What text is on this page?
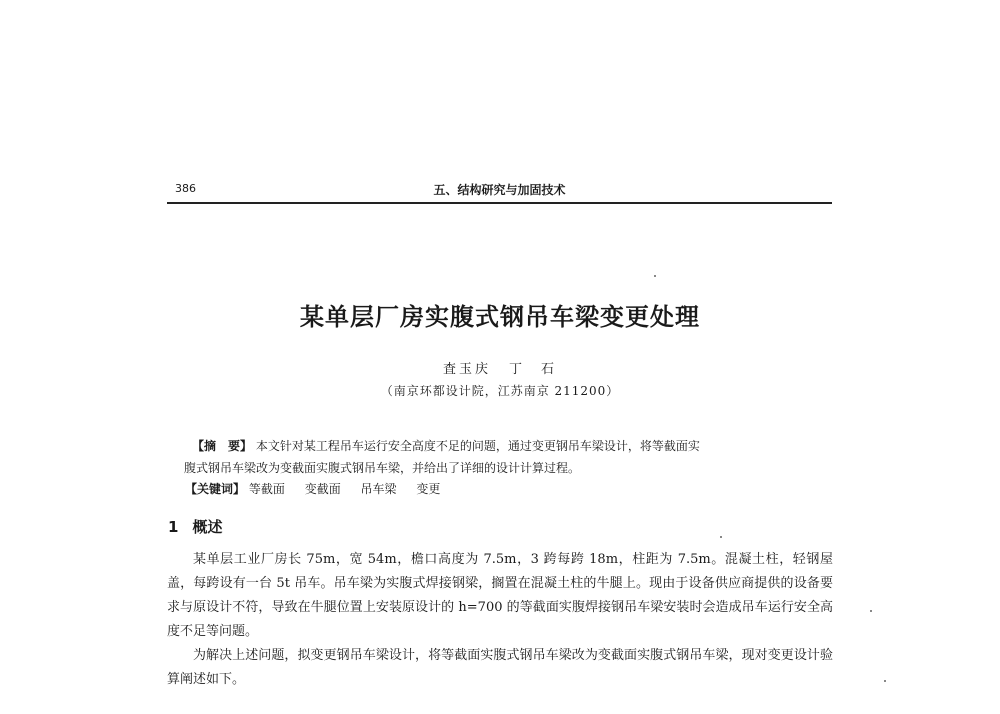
386	五、结构研究与加固技术
某单层厂房实腹式钢吊车梁变更处理
査玉庆 丁　石
（南京环都设计院，江苏南京 211200）

【摘　要】 本文针对某工程吊车运行安全高度不足的问题，通过变更钢吊车梁设计，将等截面实

腹式钢吊车梁改为变截面实腹式钢吊车梁，并给出了详细的设计计算过程。

【关键词】 等截面 变截面 吊车梁 变更
1 概述

某单层工业厂房长 75m，宽 54m，檐口高度为 7.5m，3 跨每跨 18m，柱距为 7.5m。混凝土柱，轻钢屋盖，每跨设有一台 5t 吊车。吊车梁为实腹式焊接钢梁，搁置在混凝土柱的牛腿上。现由于设备供应商提供的设备要求与原设计不符，导致在牛腿位置上安装原设计的 h=700 的等截面实腹焊接钢吊车梁安装时会造成吊车运行安全高度不足等问题。

为解决上述问题，拟变更钢吊车梁设计，将等截面实腹式钢吊车梁改为变截面实腹式钢吊车梁，现对变更设计验算阐述如下。
